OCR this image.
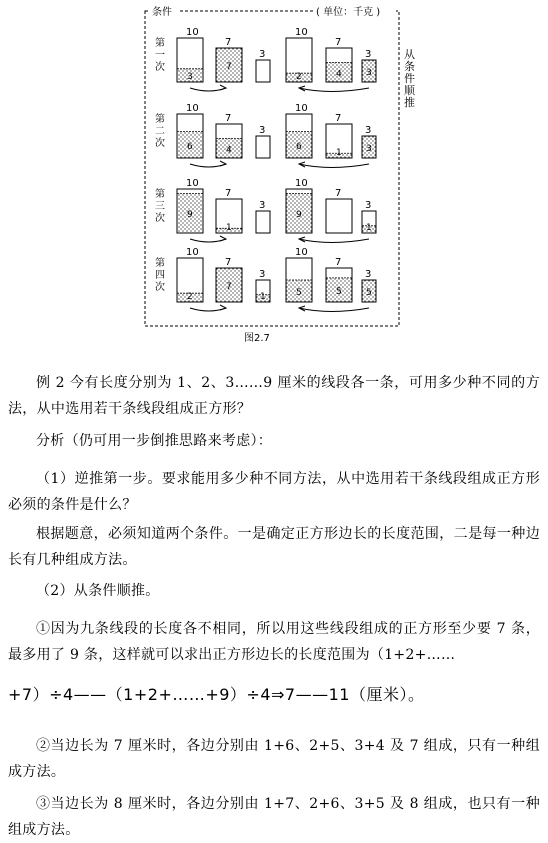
条件	( 单位：千克 )
从条件顺推
图2.7
第一次
10
3
7
7
3
10
2
7
4
3
3
第二次
10
6
7
4
3
10
6
7
1
3
3
第三次
10
9
7
1
3
10
9
7
3
1
第四次
10
2
7
7
3
1
10
5
7
5
3
5
例 2 今有长度分别为 1、2、3……9 厘米的线段各一条，可用多少种不同的方法，从中选用若干条线段组成正方形？
分析（仍可用一步倒推思路来考虑）：
（1）逆推第一步。要求能用多少种不同方法，从中选用若干条线段组成正方形必须的条件是什么？
根据题意，必须知道两个条件。一是确定正方形边长的长度范围，二是每一种边长有几种组成方法。
（2）从条件顺推。
①因为九条线段的长度各不相同，所以用这些线段组成的正方形至少要 7 条，最多用了 9 条，这样就可以求出正方形边长的长度范围为（1+2+……
+7）÷4——（1+2+……+9）÷4⇒7——11（厘米）。
②当边长为 7 厘米时，各边分别由 1+6、2+5、3+4 及 7 组成，只有一种组成方法。
③当边长为 8 厘米时，各边分别由 1+7、2+6、3+5 及 8 组成，也只有一种组成方法。
